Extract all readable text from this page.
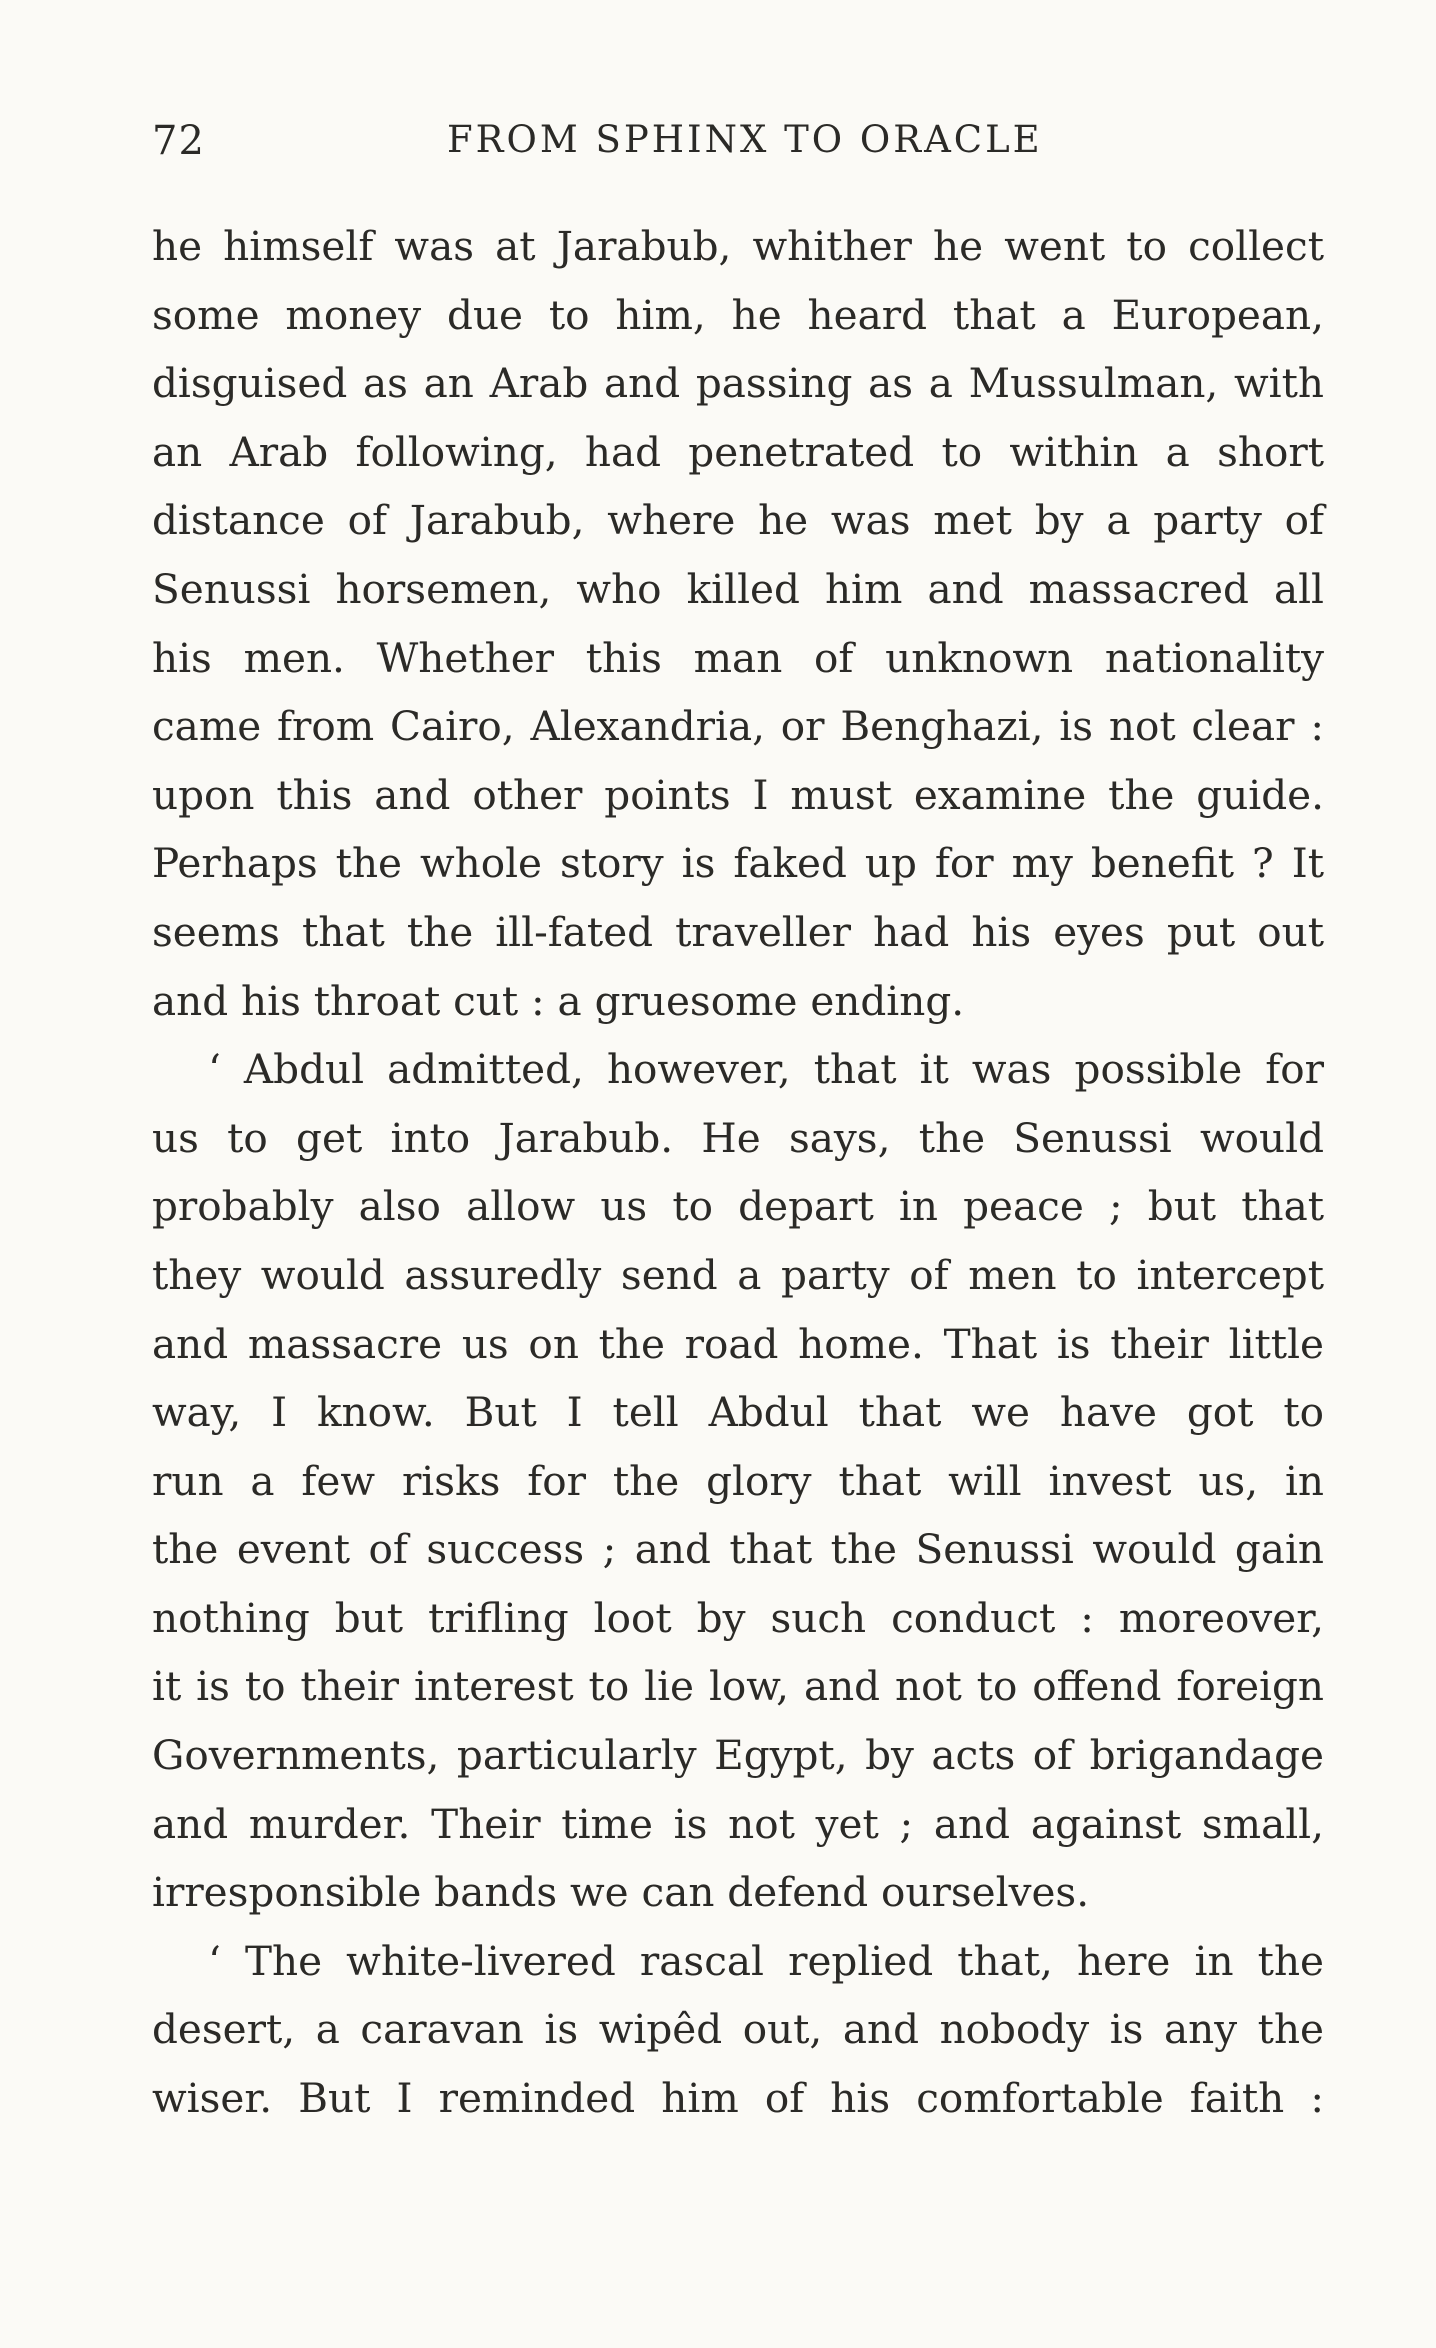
72	FROM SPHINX TO ORACLE
he himself was at Jarabub, whither he went to collect
some money due to him, he heard that a European,
disguised as an Arab and passing as a Mussulman, with
an Arab following, had penetrated to within a short
distance of Jarabub, where he was met by a party of
Senussi horsemen, who killed him and massacred all
his men. Whether this man of unknown nationality
came from Cairo, Alexandria, or Benghazi, is not clear :
upon this and other points I must examine the guide.
Perhaps the whole story is faked up for my benefit ? It
seems that the ill-fated traveller had his eyes put out
and his throat cut : a gruesome ending.
‘ Abdul admitted, however, that it was possible for
us to get into Jarabub. He says, the Senussi would
probably also allow us to depart in peace ; but that
they would assuredly send a party of men to intercept
and massacre us on the road home. That is their little
way, I know. But I tell Abdul that we have got to
run a few risks for the glory that will invest us, in
the event of success ; and that the Senussi would gain
nothing but trifling loot by such conduct : moreover,
it is to their interest to lie low, and not to offend foreign
Governments, particularly Egypt, by acts of brigandage
and murder. Their time is not yet ; and against small,
irresponsible bands we can defend ourselves.
‘ The white-livered rascal replied that, here in the
desert, a caravan is wipêd out, and nobody is any the
wiser. But I reminded him of his comfortable faith :
